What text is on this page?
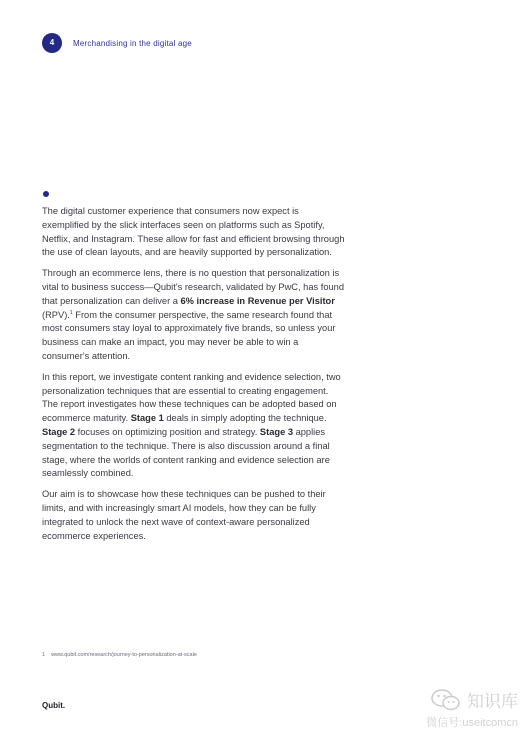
4	Merchandising in the digital age

The digital customer experience that consumers now expect is exemplified by the slick interfaces seen on platforms such as Spotify, Netflix, and Instagram. These allow for fast and efficient browsing through the use of clean layouts, and are heavily supported by personalization.

Through an ecommerce lens, there is no question that personalization is vital to business success—Qubit's research, validated by PwC, has found that personalization can deliver a 6% increase in Revenue per Visitor (RPV).$^1$ From the consumer perspective, the same research found that most consumers stay loyal to approximately five brands, so unless your business can make an impact, you may never be able to win a consumer's attention.

In this report, we investigate content ranking and evidence selection, two personalization techniques that are essential to creating engagement. The report investigates how these techniques can be adopted based on ecommerce maturity. Stage 1 deals in simply adopting the technique. Stage 2 focuses on optimizing position and strategy. Stage 3 applies segmentation to the technique. There is also discussion around a final stage, where the worlds of content ranking and evidence selection are seamlessly combined.

Our aim is to showcase how these techniques can be pushed to their limits, and with increasingly smart AI models, how they can be fully integrated to unlock the next wave of context-aware personalized ecommerce experiences.

1 www.qubit.com/research/journey-to-personalization-at-scale
Qubit.	知识库
微信号:useitcomcn
